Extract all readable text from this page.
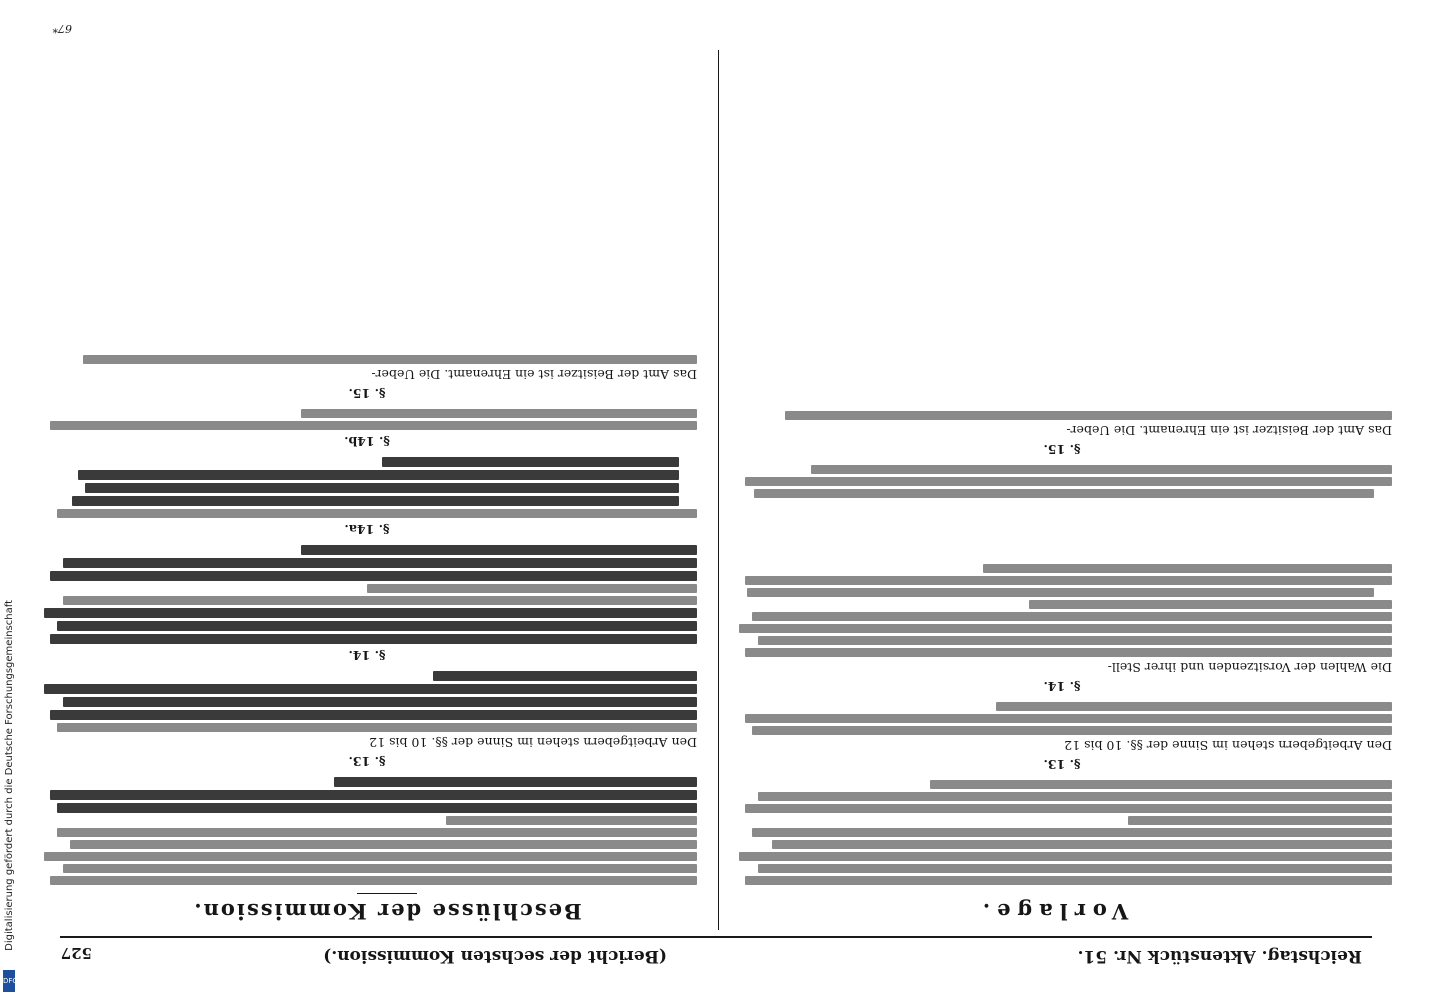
Reichstag. Aktenstück Nr. 51.
(Bericht der sechsten Kommission.)
527
Vorlage.
Beschlüsse der Kommission.
§. 13.
Den Arbeitgebern stehen im Sinne der §§. 10 bis 12
§. 14.
Die Wahlen der Vorsitzenden und ihrer Stell-
§. 15.
Das Amt der Beisitzer ist ein Ehrenamt. Die Ueber-
§. 13.
Den Arbeitgebern stehen im Sinne der §§. 10 bis 12
§. 14.
§. 14a.
§. 14b.
§. 15.
Das Amt der Beisitzer ist ein Ehrenamt. Die Ueber-
67*
Digitalisierung gefördert durch die Deutsche Forschungsgemeinschaft
DFG
